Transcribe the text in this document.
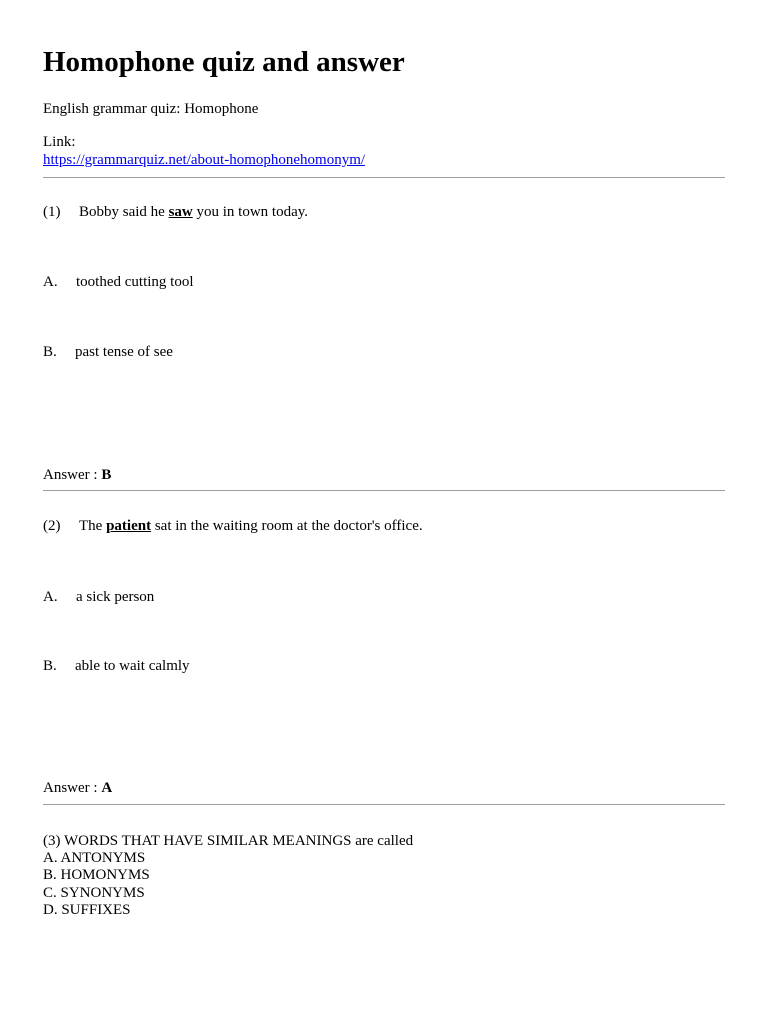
Homophone quiz and answer
English grammar quiz: Homophone
Link:
https://grammarquiz.net/about-homophonehomonym/
(1) Bobby said he saw you in town today.
A. toothed cutting tool
B. past tense of see
Answer : B
(2) The patient sat in the waiting room at the doctor's office.
A. a sick person
B. able to wait calmly
Answer : A
(3) WORDS THAT HAVE SIMILAR MEANINGS are called
A. ANTONYMS
B. HOMONYMS
C. SYNONYMS
D. SUFFIXES
